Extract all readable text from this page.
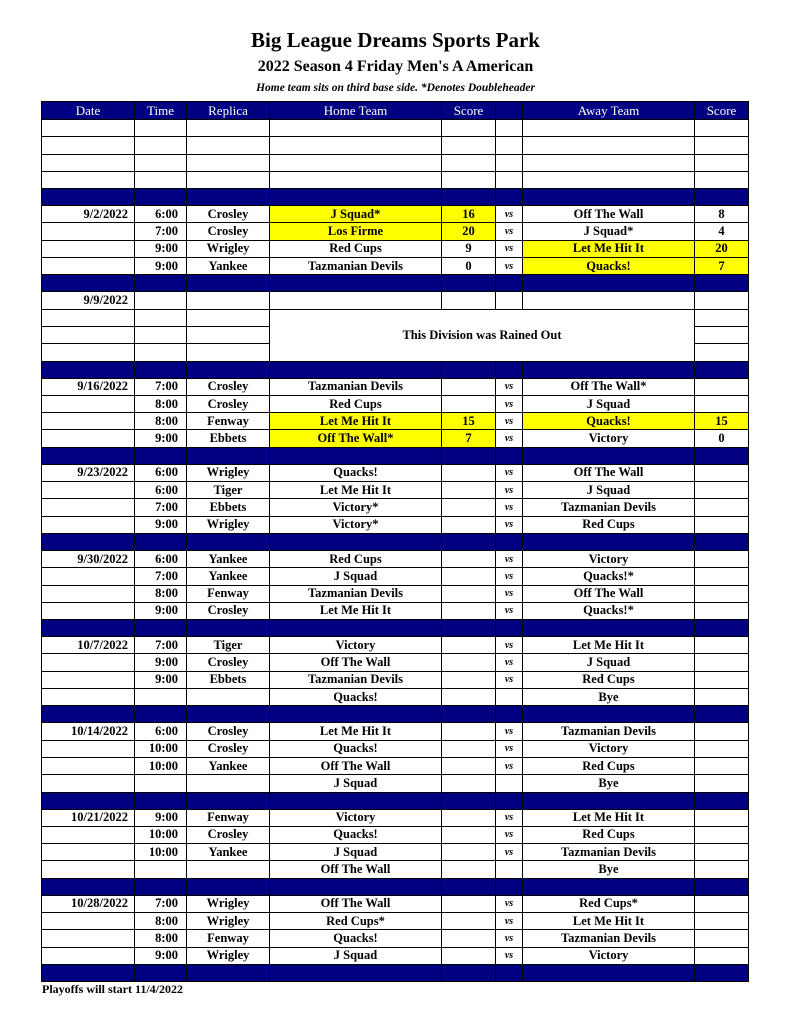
Big League Dreams Sports Park
2022 Season 4 Friday Men's A American
Home team sits on third base side. *Denotes Doubleheader
Date	Time	Replica	Home Team	Score		Away Team	Score

9/2/2022	6:00	Crosley	J Squad*	16	vs	Off The Wall	8
	7:00	Crosley	Los Firme	20	vs	J Squad*	4
	9:00	Wrigley	Red Cups	9	vs	Let Me Hit It	20
	9:00	Yankee	Tazmanian Devils	0	vs	Quacks!	7

9/9/2022							
			This Division was Rained Out				

9/16/2022	7:00	Crosley	Tazmanian Devils		vs	Off The Wall*	
	8:00	Crosley	Red Cups		vs	J Squad	
	8:00	Fenway	Let Me Hit It	15	vs	Quacks!	15
	9:00	Ebbets	Off The Wall*	7	vs	Victory	0

9/23/2022	6:00	Wrigley	Quacks!		vs	Off The Wall	
	6:00	Tiger	Let Me Hit It		vs	J Squad	
	7:00	Ebbets	Victory*		vs	Tazmanian Devils	
	9:00	Wrigley	Victory*		vs	Red Cups	

9/30/2022	6:00	Yankee	Red Cups		vs	Victory	
	7:00	Yankee	J Squad		vs	Quacks!*	
	8:00	Fenway	Tazmanian Devils		vs	Off The Wall	
	9:00	Crosley	Let Me Hit It		vs	Quacks!*	

10/7/2022	7:00	Tiger	Victory		vs	Let Me Hit It	
	9:00	Crosley	Off The Wall		vs	J Squad	
	9:00	Ebbets	Tazmanian Devils		vs	Red Cups	
			Quacks!			Bye	

10/14/2022	6:00	Crosley	Let Me Hit It		vs	Tazmanian Devils	
	10:00	Crosley	Quacks!		vs	Victory	
	10:00	Yankee	Off The Wall		vs	Red Cups	
			J Squad			Bye	

10/21/2022	9:00	Fenway	Victory		vs	Let Me Hit It	
	10:00	Crosley	Quacks!		vs	Red Cups	
	10:00	Yankee	J Squad		vs	Tazmanian Devils	
			Off The Wall			Bye	

10/28/2022	7:00	Wrigley	Off The Wall		vs	Red Cups*	
	8:00	Wrigley	Red Cups*		vs	Let Me Hit It	
	8:00	Fenway	Quacks!		vs	Tazmanian Devils	
	9:00	Wrigley	J Squad		vs	Victory	

Playoffs will start 11/4/2022
